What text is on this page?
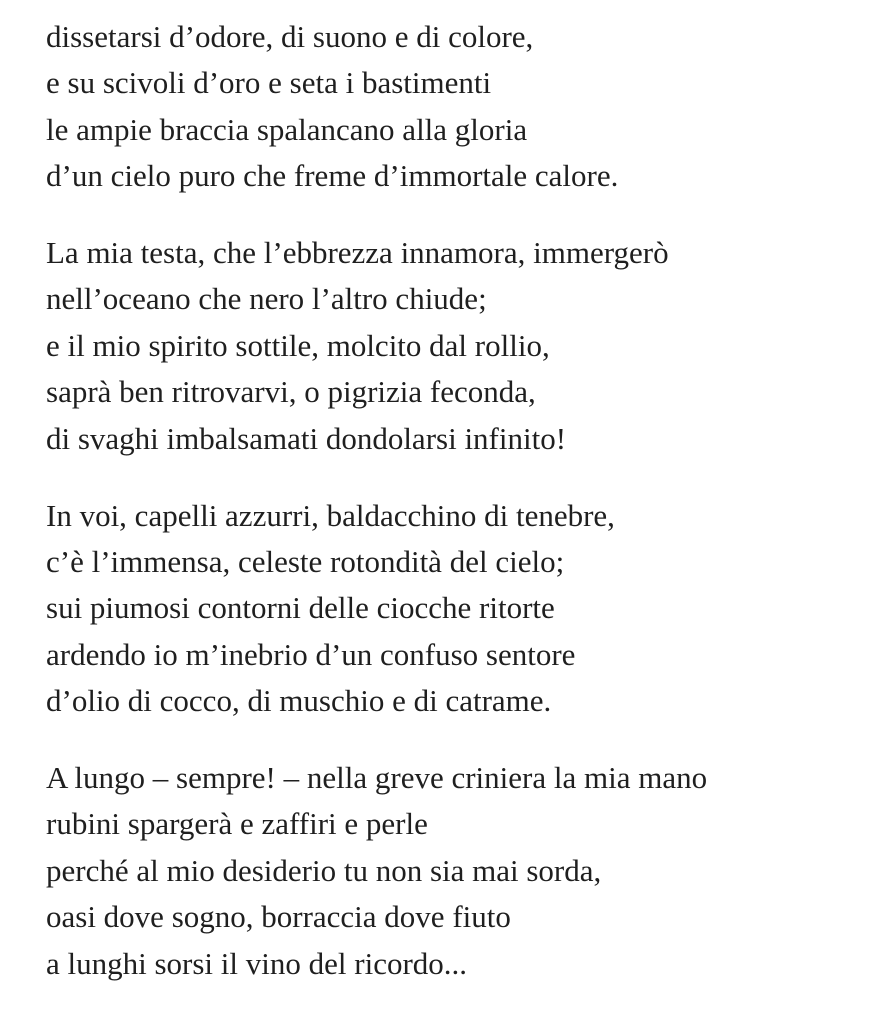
dissetarsi d’odore, di suono e di colore,
e su scivoli d’oro e seta i bastimenti
le ampie braccia spalancano alla gloria
d’un cielo puro che freme d’immortale calore.
La mia testa, che l’ebbrezza innamora, immergerò
nell’oceano che nero l’altro chiude;
e il mio spirito sottile, molcito dal rollio,
saprà ben ritrovarvi, o pigrizia feconda,
di svaghi imbalsamati dondolarsi infinito!
In voi, capelli azzurri, baldacchino di tenebre,
c’è l’immensa, celeste rotondità del cielo;
sui piumosi contorni delle ciocche ritorte
ardendo io m’inebrio d’un confuso sentore
d’olio di cocco, di muschio e di catrame.
A lungo – sempre! – nella greve criniera la mia mano
rubini spargerà e zaffiri e perle
perché al mio desiderio tu non sia mai sorda,
oasi dove sogno, borraccia dove fiuto
a lunghi sorsi il vino del ricordo...
